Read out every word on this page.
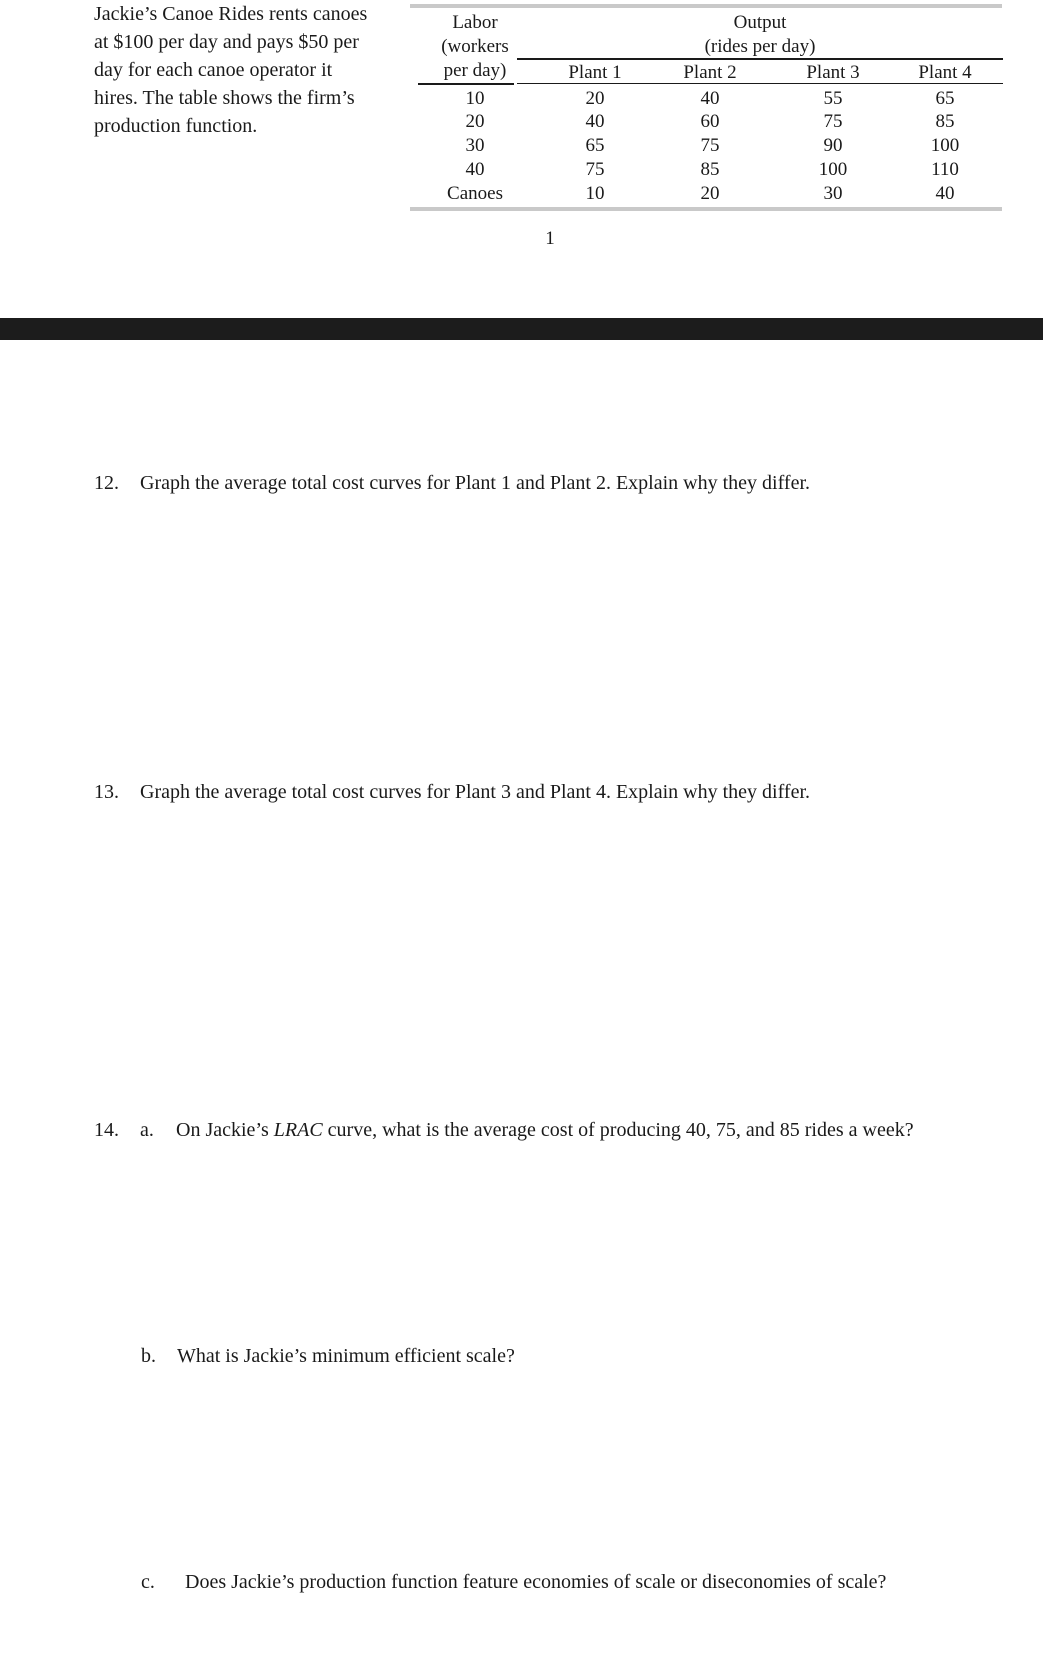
Jackie’s Canoe Rides rents canoes
at $100 per day and pays $50 per
day for each canoe operator it
hires. The table shows the firm’s
production function.
Labor
(workers
per day)
Output
(rides per day)
Plant 1	Plant 2	Plant 3	Plant 4
10	20	40	55	65
20	40	60	75	85
30	65	75	90	100
40	75	85	100	110
Canoes	10	20	30	40
1
12. Graph the average total cost curves for Plant 1 and Plant 2. Explain why they differ.
13. Graph the average total cost curves for Plant 3 and Plant 4. Explain why they differ.
14. a. On Jackie’s LRAC curve, what is the average cost of producing 40, 75, and 85 rides a week?
b. What is Jackie’s minimum efficient scale?
c. Does Jackie’s production function feature economies of scale or diseconomies of scale?
